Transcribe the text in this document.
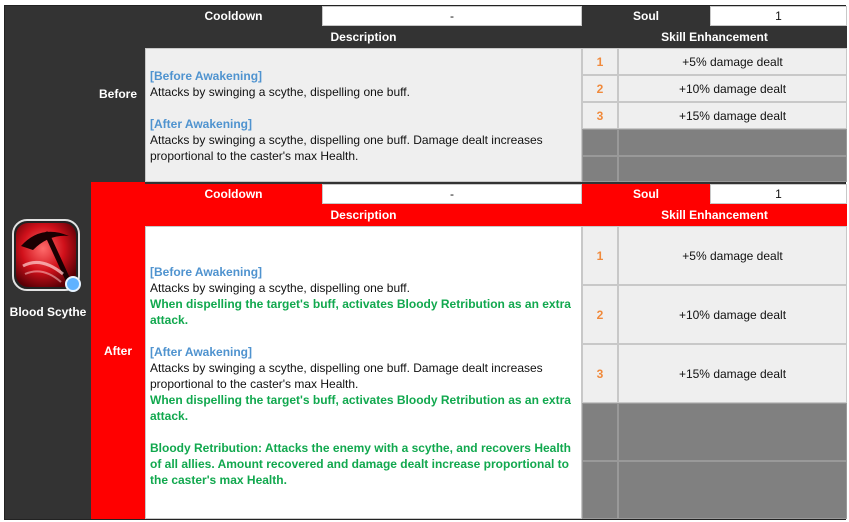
Blood Scythe
Before
After
Cooldown	-	Soul	1
Description	Skill Enhancement
[Before Awakening]
Attacks by swinging a scythe, dispelling one buff.
[After Awakening]
Attacks by swinging a scythe, dispelling one buff. Damage dealt increases proportional to the caster's max Health.
1	+5% damage dealt
2	+10% damage dealt
3	+15% damage dealt
Cooldown	-	Soul	1
Description	Skill Enhancement
[Before Awakening]
Attacks by swinging a scythe, dispelling one buff.
When dispelling the target's buff, activates Bloody Retribution as an extra attack.
[After Awakening]
Attacks by swinging a scythe, dispelling one buff. Damage dealt increases proportional to the caster's max Health.
When dispelling the target's buff, activates Bloody Retribution as an extra attack.
Bloody Retribution: Attacks the enemy with a scythe, and recovers Health of all allies. Amount recovered and damage dealt increase proportional to the caster's max Health.
1	+5% damage dealt
2	+10% damage dealt
3	+15% damage dealt
